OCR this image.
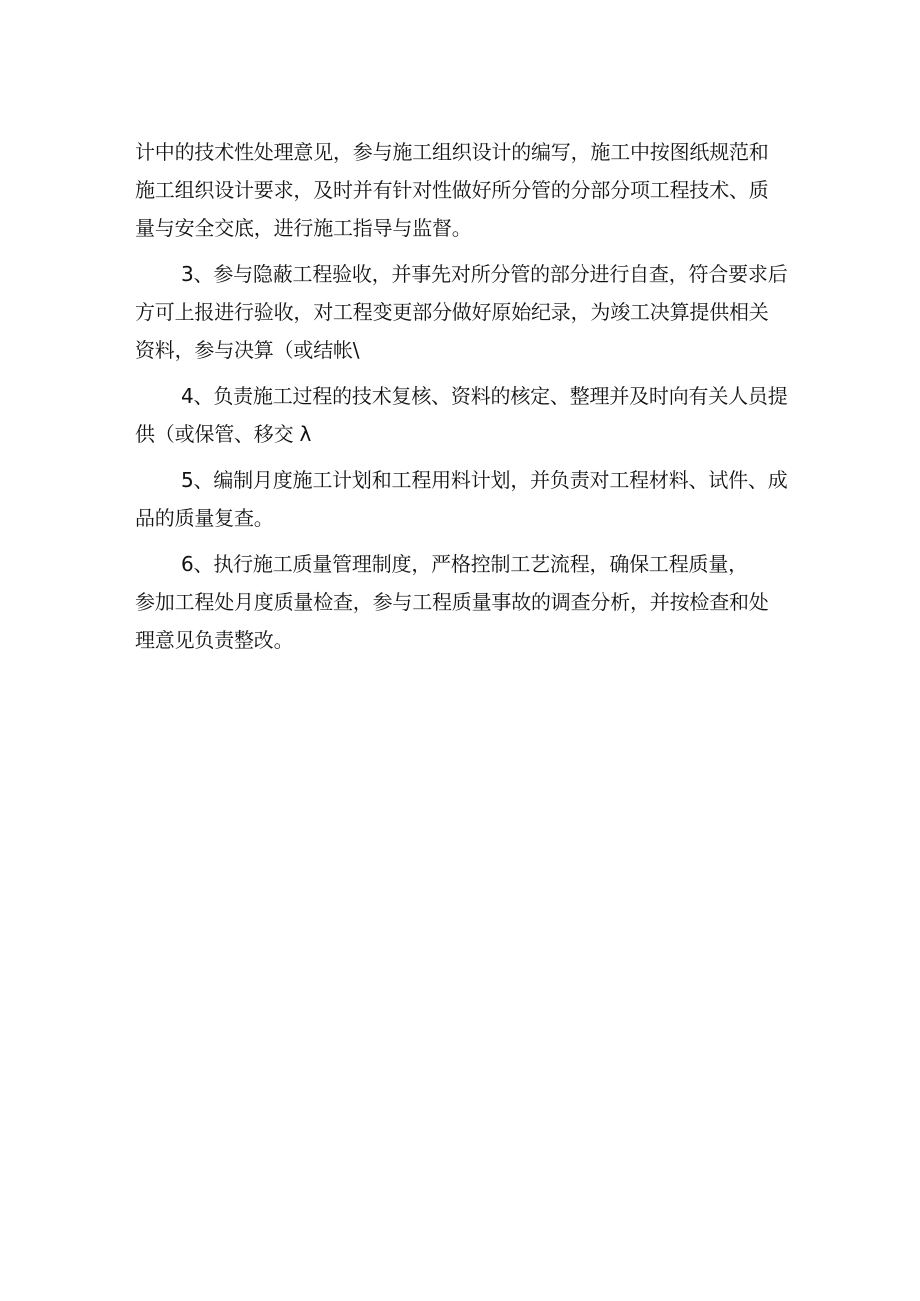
计中的技术性处理意见，参与施工组织设计的编写，施工中按图纸规范和
施工组织设计要求，及时并有针对性做好所分管的分部分项工程技术、质
量与安全交底，进行施工指导与监督。
3、参与隐蔽工程验收，并事先对所分管的部分进行自查，符合要求后
方可上报进行验收，对工程变更部分做好原始纪录，为竣工决算提供相关
资料，参与决算（或结帐\
4、负责施工过程的技术复核、资料的核定、整理并及时向有关人员提
供（或保管、移交 λ
5、编制月度施工计划和工程用料计划，并负责对工程材料、试件、成
品的质量复查。
6、执行施工质量管理制度，严格控制工艺流程，确保工程质量，
参加工程处月度质量检查，参与工程质量事故的调查分析，并按检查和处
理意见负责整改。
